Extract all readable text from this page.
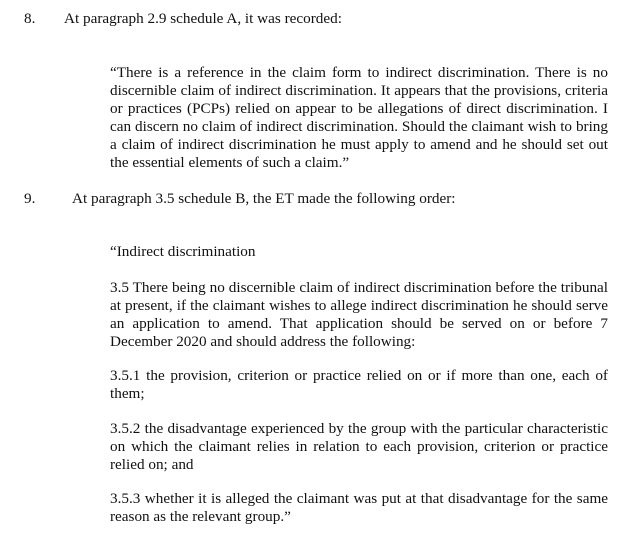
8. At paragraph 2.9 schedule A, it was recorded:

“There is a reference in the claim form to indirect discrimination. There is no discernible claim of indirect discrimination. It appears that the provisions, criteria or practices (PCPs) relied on appear to be allegations of direct discrimination. I can discern no claim of indirect discrimination. Should the claimant wish to bring a claim of indirect discrimination he must apply to amend and he should set out the essential elements of such a claim.”

9. At paragraph 3.5 schedule B, the ET made the following order:

“Indirect discrimination

3.5 There being no discernible claim of indirect discrimination before the tribunal at present, if the claimant wishes to allege indirect discrimination he should serve an application to amend. That application should be served on or before 7 December 2020 and should address the following:

3.5.1 the provision, criterion or practice relied on or if more than one, each of them;

3.5.2 the disadvantage experienced by the group with the particular characteristic on which the claimant relies in relation to each provision, criterion or practice relied on; and

3.5.3 whether it is alleged the claimant was put at that disadvantage for the same reason as the relevant group.”
